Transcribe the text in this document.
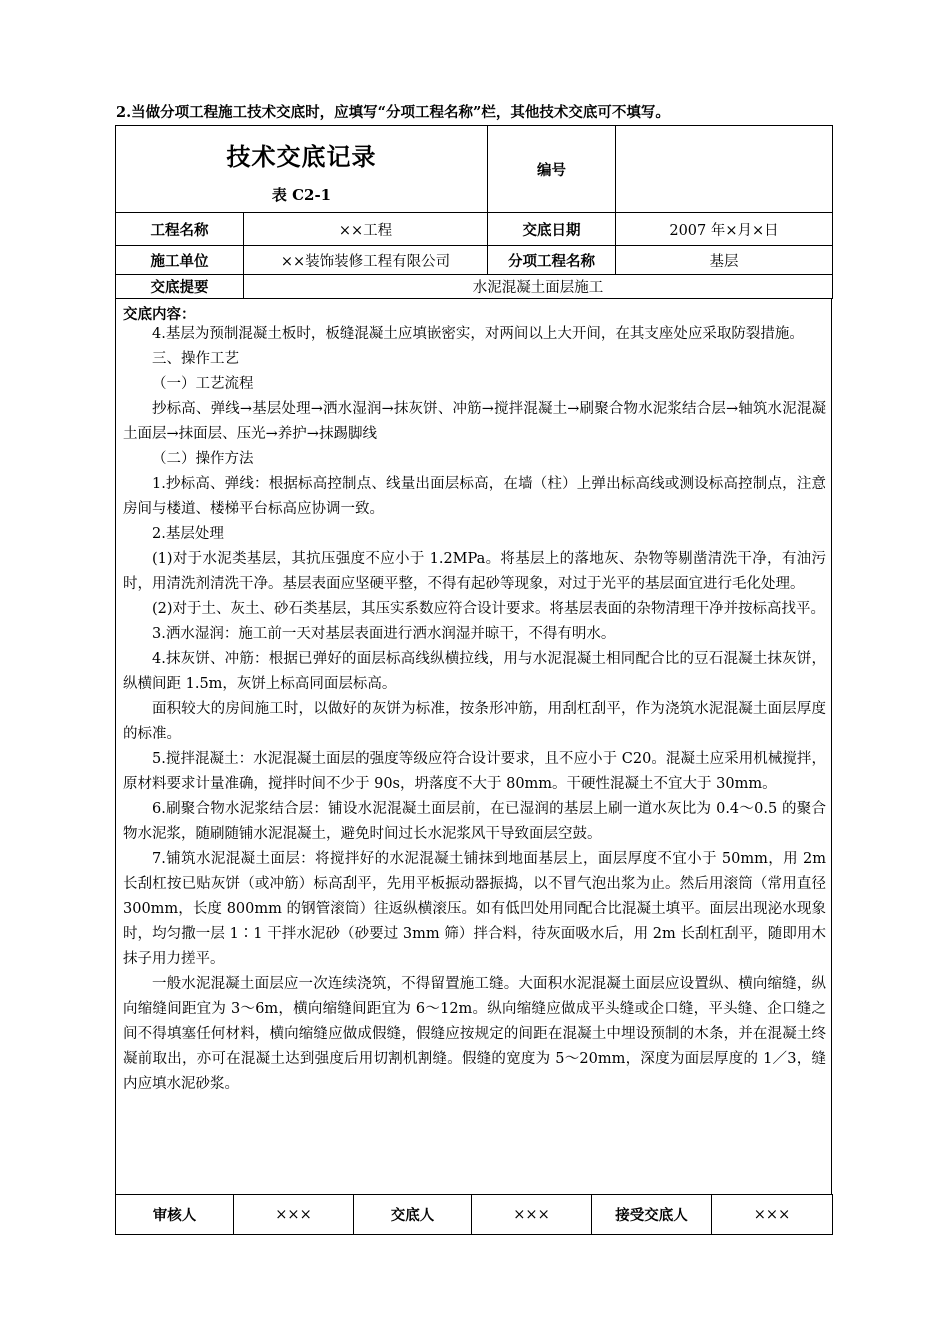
2.当做分项工程施工技术交底时，应填写“分项工程名称”栏，其他技术交底可不填写。
技术交底记录
表 C2-1		编号	
工程名称	××工程	交底日期	2007 年×月×日
施工单位	××装饰装修工程有限公司	分项工程名称	基层
交底提要	水泥混凝土面层施工		
交底内容：

4.基层为预制混凝土板时，板缝混凝土应填嵌密实，对两间以上大开间，在其支座处应采取防裂措施。

三、操作工艺

（一）工艺流程

抄标高、弹线→基层处理→洒水湿润→抹灰饼、冲筋→搅拌混凝土→刷聚合物水泥浆结合层→轴筑水泥混凝土面层→抹面层、压光→养护→抹踢脚线

（二）操作方法

1.抄标高、弹线：根据标高控制点、线量出面层标高，在墙（柱）上弹出标高线或测设标高控制点，注意房间与楼道、楼梯平台标高应协调一致。

2.基层处理

(1)对于水泥类基层，其抗压强度不应小于 1.2MPa。将基层上的落地灰、杂物等剔凿清洗干净，有油污时，用清洗剂清洗干净。基层表面应坚硬平整，不得有起砂等现象，对过于光平的基层面宜进行毛化处理。

(2)对于土、灰土、砂石类基层，其压实系数应符合设计要求。将基层表面的杂物清理干净并按标高找平。

3.洒水湿润：施工前一天对基层表面进行洒水润湿并晾干，不得有明水。

4.抹灰饼、冲筋：根据已弹好的面层标高线纵横拉线，用与水泥混凝土相同配合比的豆石混凝土抹灰饼，纵横间距 1.5m，灰饼上标高同面层标高。

面积较大的房间施工时，以做好的灰饼为标准，按条形冲筋，用刮杠刮平，作为浇筑水泥混凝土面层厚度的标准。

5.搅拌混凝土：水泥混凝土面层的强度等级应符合设计要求，且不应小于 C20。混凝土应采用机械搅拌，原材料要求计量准确，搅拌时间不少于 90s，坍落度不大于 80mm。干硬性混凝土不宜大于 30mm。

6.刷聚合物水泥浆结合层：铺设水泥混凝土面层前，在已湿润的基层上刷一道水灰比为 0.4～0.5 的聚合物水泥浆，随刷随铺水泥混凝土，避免时间过长水泥浆风干导致面层空鼓。

7.铺筑水泥混凝土面层：将搅拌好的水泥混凝土铺抹到地面基层上，面层厚度不宜小于 50mm，用 2m 长刮杠按已贴灰饼（或冲筋）标高刮平，先用平板振动器振捣，以不冒气泡出浆为止。然后用滚筒（常用直径 300mm，长度 800mm 的钢管滚筒）往返纵横滚压。如有低凹处用同配合比混凝土填平。面层出现泌水现象时，均匀撒一层 1∶1 干拌水泥砂（砂要过 3mm 筛）拌合料，待灰面吸水后，用 2m 长刮杠刮平，随即用木抹子用力搓平。

一般水泥混凝土面层应一次连续浇筑，不得留置施工缝。大面积水泥混凝土面层应设置纵、横向缩缝，纵向缩缝间距宜为 3～6m，横向缩缝间距宜为 6～12m。纵向缩缝应做成平头缝或企口缝，平头缝、企口缝之间不得填塞任何材料，横向缩缝应做成假缝，假缝应按规定的间距在混凝土中埋设预制的木条，并在混凝土终凝前取出，亦可在混凝土达到强度后用切割机割缝。假缝的宽度为 5～20mm，深度为面层厚度的 1／3，缝内应填水泥砂浆。

审核人	×××	交底人	×××	接受交底人	×××
